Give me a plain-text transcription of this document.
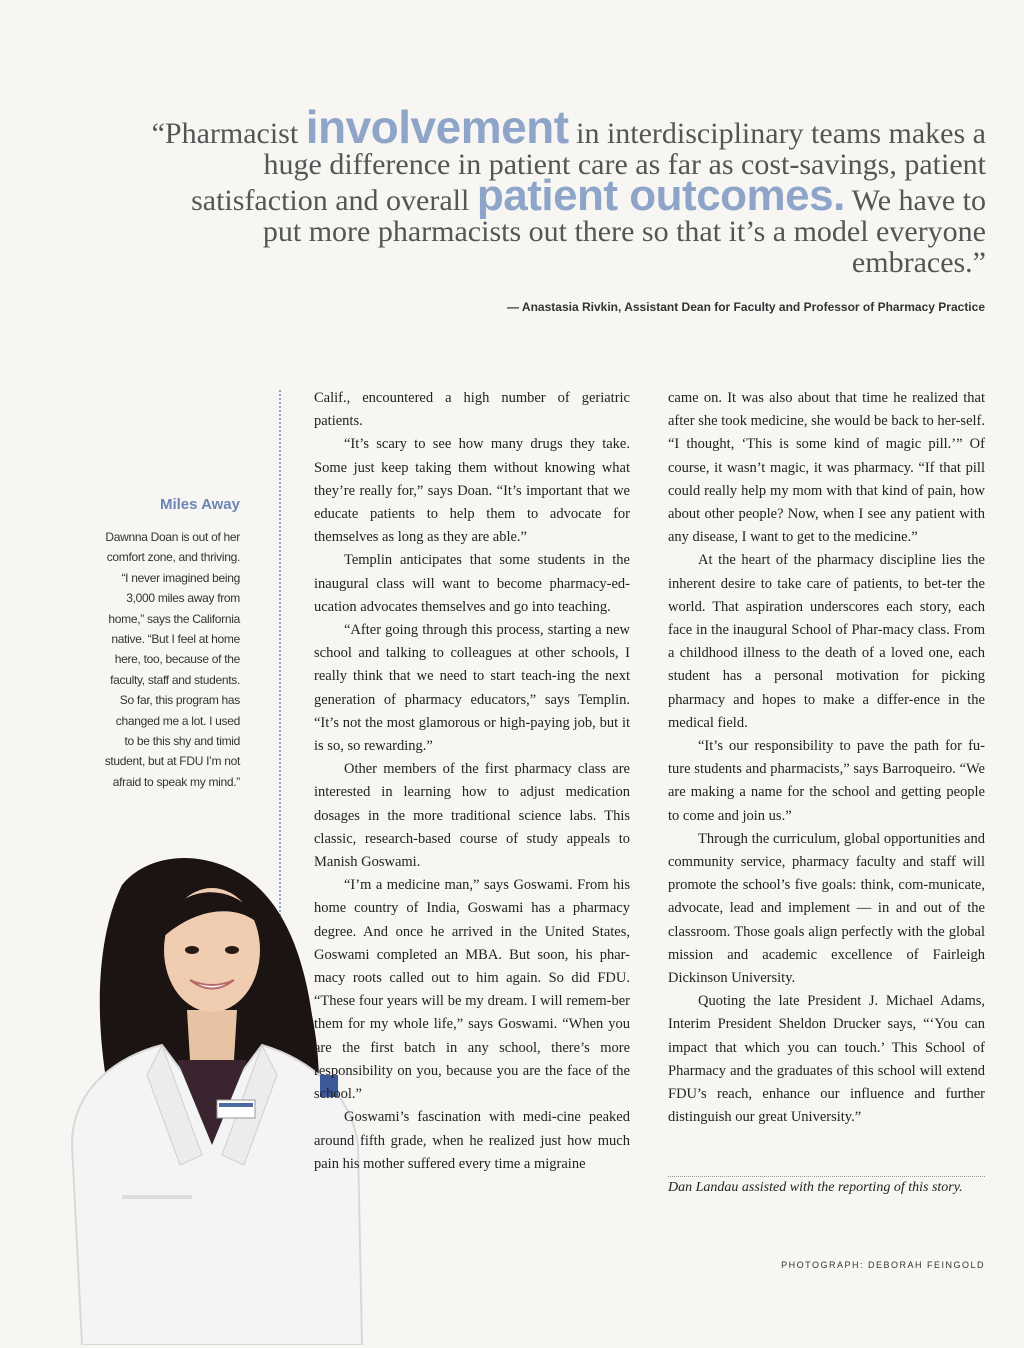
“Pharmacist involvement in interdisciplinary teams makes a huge difference in patient care as far as cost-savings, patient satisfaction and overall patient outcomes. We have to put more pharmacists out there so that it’s a model everyone embraces.”
— Anastasia Rivkin, Assistant Dean for Faculty and Professor of Pharmacy Practice
Miles Away
Dawnna Doan is out of her comfort zone, and thriving. “I never imagined being 3,000 miles away from home,” says the California native. “But I feel at home here, too, because of the faculty, staff and students. So far, this program has changed me a lot. I used to be this shy and timid student, but at FDU I’m not afraid to speak my mind.”

Calif., encountered a high number of geriatric patients.

“It’s scary to see how many drugs they take. Some just keep taking them without knowing what they’re really for,” says Doan. “It’s important that we educate patients to help them to advocate for themselves as long as they are able.”

Templin anticipates that some students in the inaugural class will want to become pharmacy-ed-ucation advocates themselves and go into teaching.

“After going through this process, starting a new school and talking to colleagues at other schools, I really think that we need to start teach-ing the next generation of pharmacy educators,” says Templin. “It’s not the most glamorous or high-paying job, but it is so, so rewarding.”

Other members of the first pharmacy class are interested in learning how to adjust medication dosages in the more traditional science labs. This classic, research-based course of study appeals to Manish Goswami.

“I’m a medicine man,” says Goswami. From his home country of India, Goswami has a pharmacy degree. And once he arrived in the United States, Goswami completed an MBA. But soon, his phar-macy roots called out to him again. So did FDU. “These four years will be my dream. I will remem-ber them for my whole life,” says Goswami. “When you are the first batch in any school, there’s more responsibility on you, because you are the face of the school.”

Goswami’s fascination with medi-cine peaked around fifth grade, when he realized just how much pain his mother suffered every time a migraine

came on. It was also about that time he realized that after she took medicine, she would be back to her-self. “I thought, ‘This is some kind of magic pill.’” Of course, it wasn’t magic, it was pharmacy. “If that pill could really help my mom with that kind of pain, how about other people? Now, when I see any patient with any disease, I want to get to the medicine.”

At the heart of the pharmacy discipline lies the inherent desire to take care of patients, to bet-ter the world. That aspiration underscores each story, each face in the inaugural School of Phar-macy class. From a childhood illness to the death of a loved one, each student has a personal motivation for picking pharmacy and hopes to make a differ-ence in the medical field.

“It’s our responsibility to pave the path for fu-ture students and pharmacists,” says Barroqueiro. “We are making a name for the school and getting people to come and join us.”

Through the curriculum, global opportunities and community service, pharmacy faculty and staff will promote the school’s five goals: think, com-municate, advocate, lead and implement — in and out of the classroom. Those goals align perfectly with the global mission and academic excellence of Fairleigh Dickinson University.

Quoting the late President J. Michael Adams, Interim President Sheldon Drucker says, “‘You can impact that which you can touch.’ This School of Pharmacy and the graduates of this school will extend FDU’s reach, enhance our influence and further distinguish our great University.”

Dan Landau assisted with the reporting of this story.
PHOTOGRAPH: DEBORAH FEINGOLD
